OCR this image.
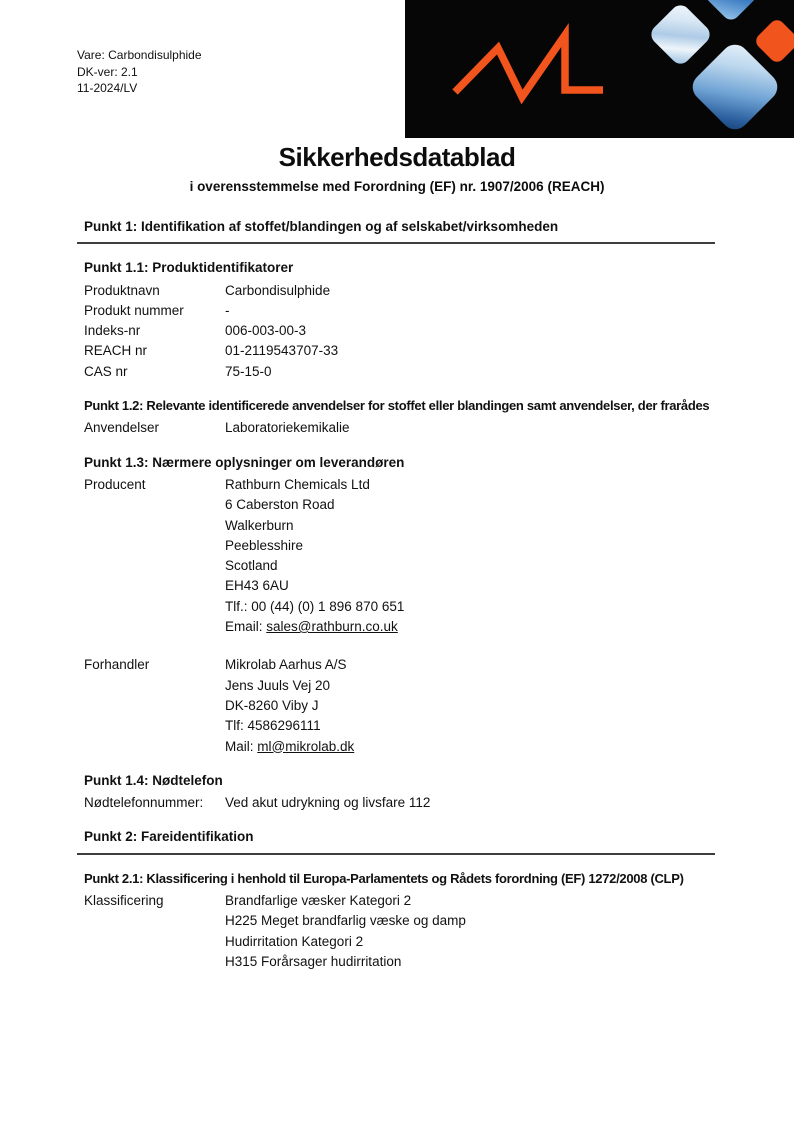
Vare: Carbondisulphide
DK-ver: 2.1
11-2024/LV
Sikkerhedsdatablad
i overensstemmelse med Forordning (EF) nr. 1907/2006 (REACH)
Punkt 1: Identifikation af stoffet/blandingen og af selskabet/virksomheden
Punkt 1.1: Produktidentifikatorer
Produktnavn	Carbondisulphide
Produkt nummer	-
Indeks-nr	006-003-00-3
REACH nr	01-2119543707-33
CAS nr	75-15-0
Punkt 1.2: Relevante identificerede anvendelser for stoffet eller blandingen samt anvendelser, der frarådes
Anvendelser	Laboratoriekemikalie
Punkt 1.3: Nærmere oplysninger om leverandøren
Producent	Rathburn Chemicals Ltd
6 Caberston Road
Walkerburn
Peeblesshire
Scotland
EH43 6AU
Tlf.: 00 (44) (0) 1 896 870 651
Email: sales@rathburn.co.uk
Forhandler	Mikrolab Aarhus A/S
Jens Juuls Vej 20
DK-8260 Viby J
Tlf: 4586296111
Mail: ml@mikrolab.dk
Punkt 1.4: Nødtelefon
Nødtelefonnummer:	Ved akut udrykning og livsfare 112
Punkt 2: Fareidentifikation
Punkt 2.1: Klassificering i henhold til Europa-Parlamentets og Rådets forordning (EF) 1272/2008 (CLP)
Klassificering	Brandfarlige væsker Kategori 2
H225 Meget brandfarlig væske og damp
Hudirritation Kategori 2
H315 Forårsager hudirritation
